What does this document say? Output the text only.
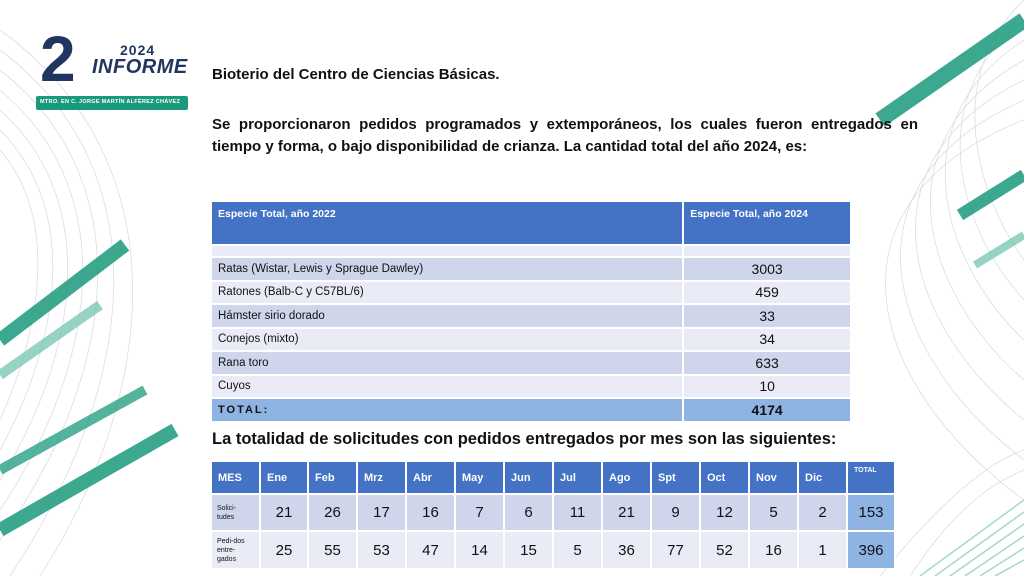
2	2024
INFORME
MTRO. EN C. JORGE MARTÍN ALFÉREZ CHÁVEZ

Bioterio del Centro de Ciencias Básicas.

Se proporcionaron pedidos programados y extemporáneos, los cuales fueron entregados en tiempo y forma, o bajo disponibilidad de crianza. La cantidad total del año 2024, es:

Especie Total, año 2022	Especie Total, año 2024

Ratas (Wistar, Lewis y Sprague Dawley)	3003
Ratones (Balb-C y C57BL/6)	459
Hámster sirio dorado	33
Conejos (mixto)	34
Rana toro	633
Cuyos	10
TOTAL:	4174
La totalidad de solicitudes con pedidos entregados por mes son las siguientes:
MES	Ene	Feb	Mrz	Abr	May	Jun	Jul	Ago	Spt	Oct	Nov	Dic	TOTAL
Solici-
tudes	21	26	17	16	7	6	11	21	9	12	5	2	153
Pedi-dos
entre-
gados	25	55	53	47	14	15	5	36	77	52	16	1	396
